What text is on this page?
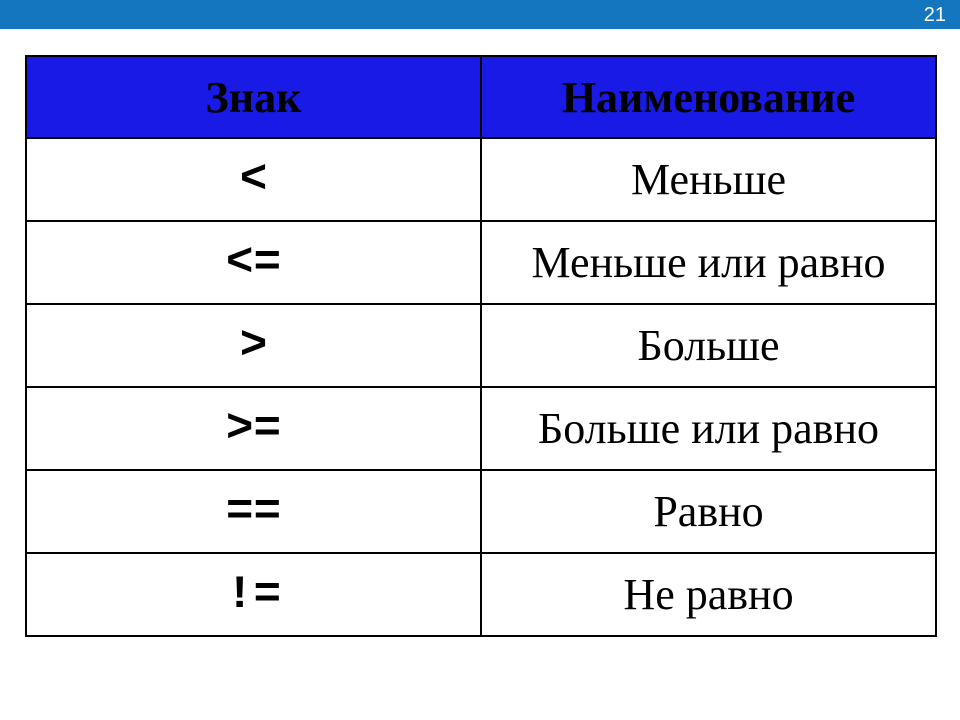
21
Знак	Наименование
<	Меньше
<=	Меньше или равно
>	Больше
>=	Больше или равно
==	Равно
!=	Не равно
